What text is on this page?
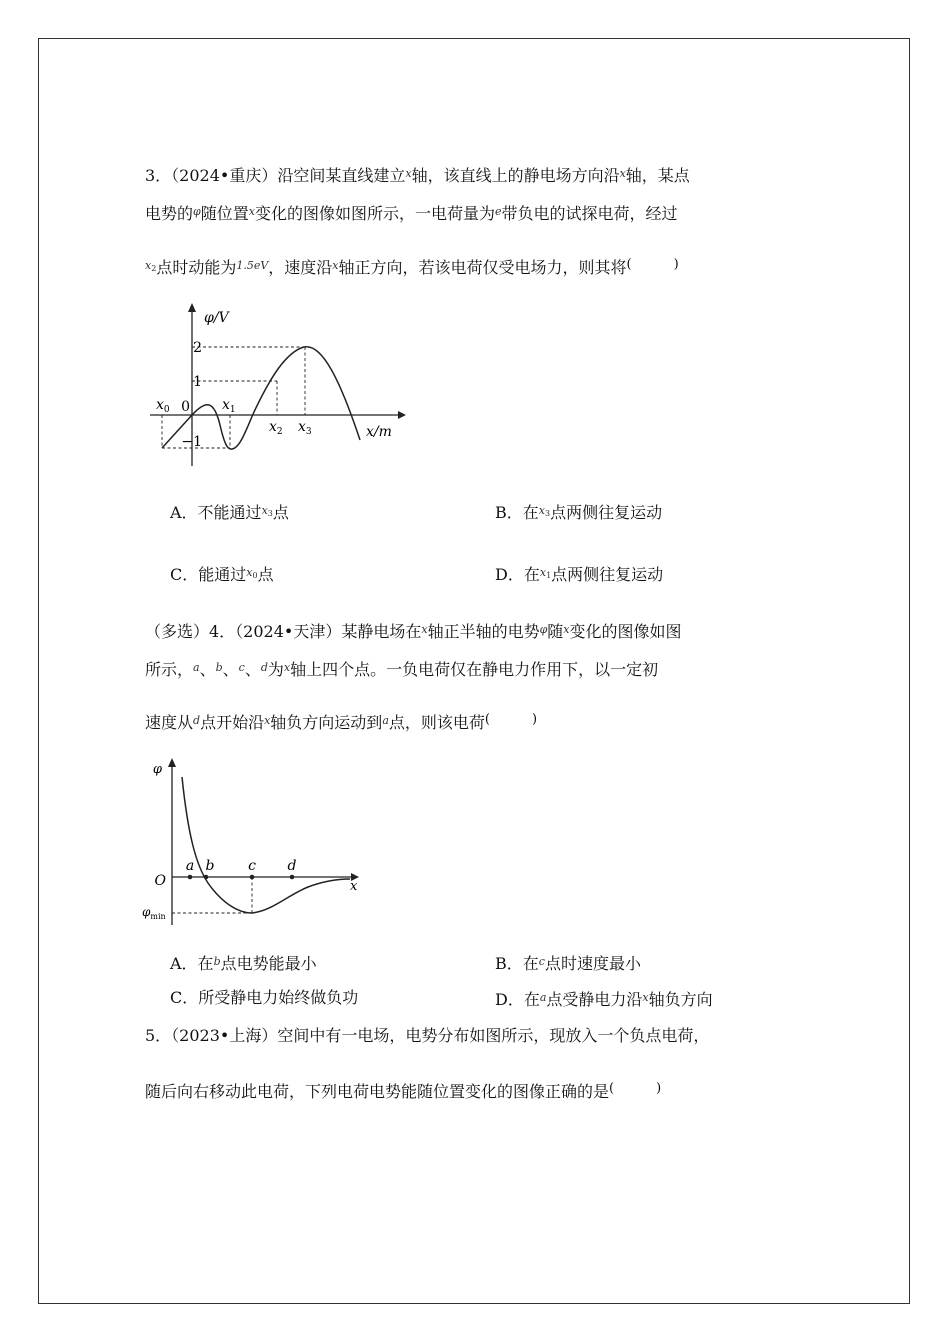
3．（2024•重庆）沿空间某直线建立$^x$轴，该直线上的静电场方向沿$^x$轴，某点
电势的$^\varphi$随位置$^x$变化的图像如图所示，一电荷量为$^e$带负电的试探电荷，经过
$^{x_2}$点时动能为$^{1.5eV}$，速度沿$^x$轴正方向，若该电荷仅受电场力，则其将(	)
φ/V
x/m
0
2
1
−1
$x_0$	$x_1$
$x_2$ $x_3$
A．不能通过$^{x_3}$点	B．在$^{x_3}$点两侧往复运动
C．能通过$^{x_0}$点	D．在$^{x_1}$点两侧往复运动
（多选）4．（2024•天津）某静电场在$^x$轴正半轴的电势$^\varphi$随$^x$变化的图像如图
所示，$^a$、$^b$、$^c$、$^d$为$^x$轴上四个点。一负电荷仅在静电力作用下，以一定初
速度从$^d$点开始沿$^x$轴负方向运动到$^a$点，则该电荷(	)
φ
x
O
$\varphi_{min}$
a b c d
A．在$^b$点电势能最小	B．在$^c$点时速度最小
C．所受静电力始终做负功	D．在$^a$点受静电力沿$^x$轴负方向
5．（2023•上海）空间中有一电场，电势分布如图所示，现放入一个负点电荷，
随后向右移动此电荷，下列电荷电势能随位置变化的图像正确的是(	)
